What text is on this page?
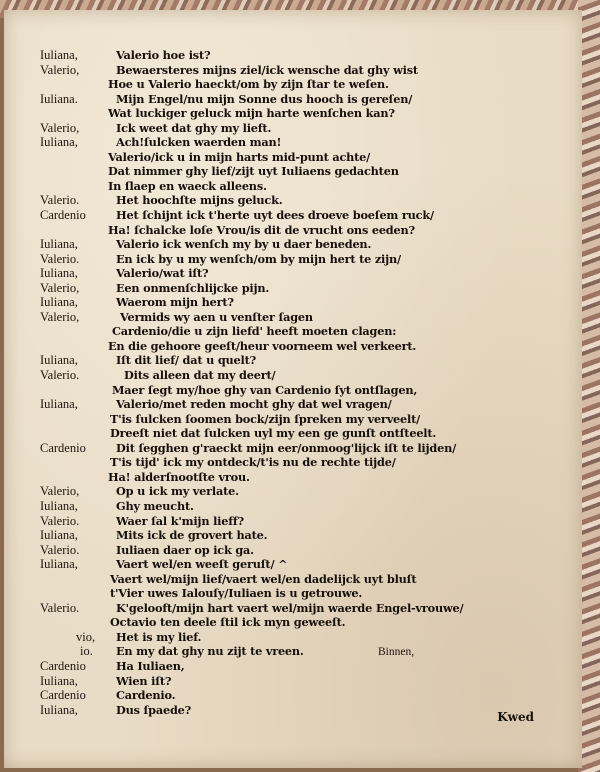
Iuliana,	Valerio hoe ist?
Valerio,	Bewaersteres mijns ziel/ick wensche dat ghy wist
Hoe u Valerio haeckt/om by zijn ſtar te weſen.
Iuliana.	Mijn Engel/nu mijn Sonne dus hooch is gereſen/
Wat luckiger geluck mijn harte wenſchen kan?
Valerio,	Ick weet dat ghy my lieft.
Iuliana,	Ach!ſulcken waerden man!
Valerio/ick u in mijn harts mid-punt achte/
Dat nimmer ghy lief/zijt uyt Iuliaens gedachten
In ſlaep en waeck alleens.
Valerio.	Het hoochſte mijns geluck.
Cardenio	Het ſchijnt ick t'herte uyt dees droeve boeſem ruck/
Ha! ſchalcke loſe Vrou/is dit de vrucht ons eeden?
Iuliana,	Valerio ick wenſch my by u daer beneden.
Valerio.	En ick by u my wenſch/om by mijn hert te zijn/
Iuliana,	Valerio/wat iſt?
Valerio,	Een onmenſchlijcke pijn.
Iuliana,	Waerom mijn hert?
Valerio,	Vermids wy aen u venſter ſagen
Cardenio/die u zijn liefd' heeft moeten clagen:
En die gehoore geeſt/heur voorneem wel verkeert.
Iuliana,	Iſt dit lief/ dat u quelt?
Valerio.	Dits alleen dat my deert/
Maer ſegt my/hoe ghy van Cardenio ſyt ontſlagen,
Iuliana,	Valerio/met reden mocht ghy dat wel vragen/
T'is ſulcken ſoomen bock/zijn ſpreken my verveelt/
Dreeſt niet dat ſulcken uyl my een ge gunſt ontſteelt.
Cardenio	Dit ſegghen g'raeckt mijn eer/onmoog'lijck iſt te lijden/
T'is tijd' ick my ontdeck/t'is nu de rechte tijde/
Ha! alderſnootſte vrou.
Valerio,	Op u ick my verlate.
Iuliana,	Ghy meucht.
Valerio.	Waer ſal k'mijn lieff?
Iuliana,	Mits ick de grovert hate.
Valerio.	Iuliaen daer op ick ga.
Iuliana,	Vaert wel/en weeſt geruſt/ ^
Vaert wel/mijn lief/vaert wel/en dadelijck uyt bluſt
t'Vier uwes Ialouſy/Iuliaen is u getrouwe.
Valerio.	K'gelooft/mijn hart vaert wel/mijn waerde Engel-vrouwe/
Octavio ten deele ſtil ick myn geweeſt.
vio, Het is my lief.
io. En my dat ghy nu zijt te vreen.
Cardenio	Ha Iuliaen,
Iuliana,	Wien iſt?
Cardenio	Cardenio.
Iuliana,	Dus ſpaede?
Binnen,
Kwed
